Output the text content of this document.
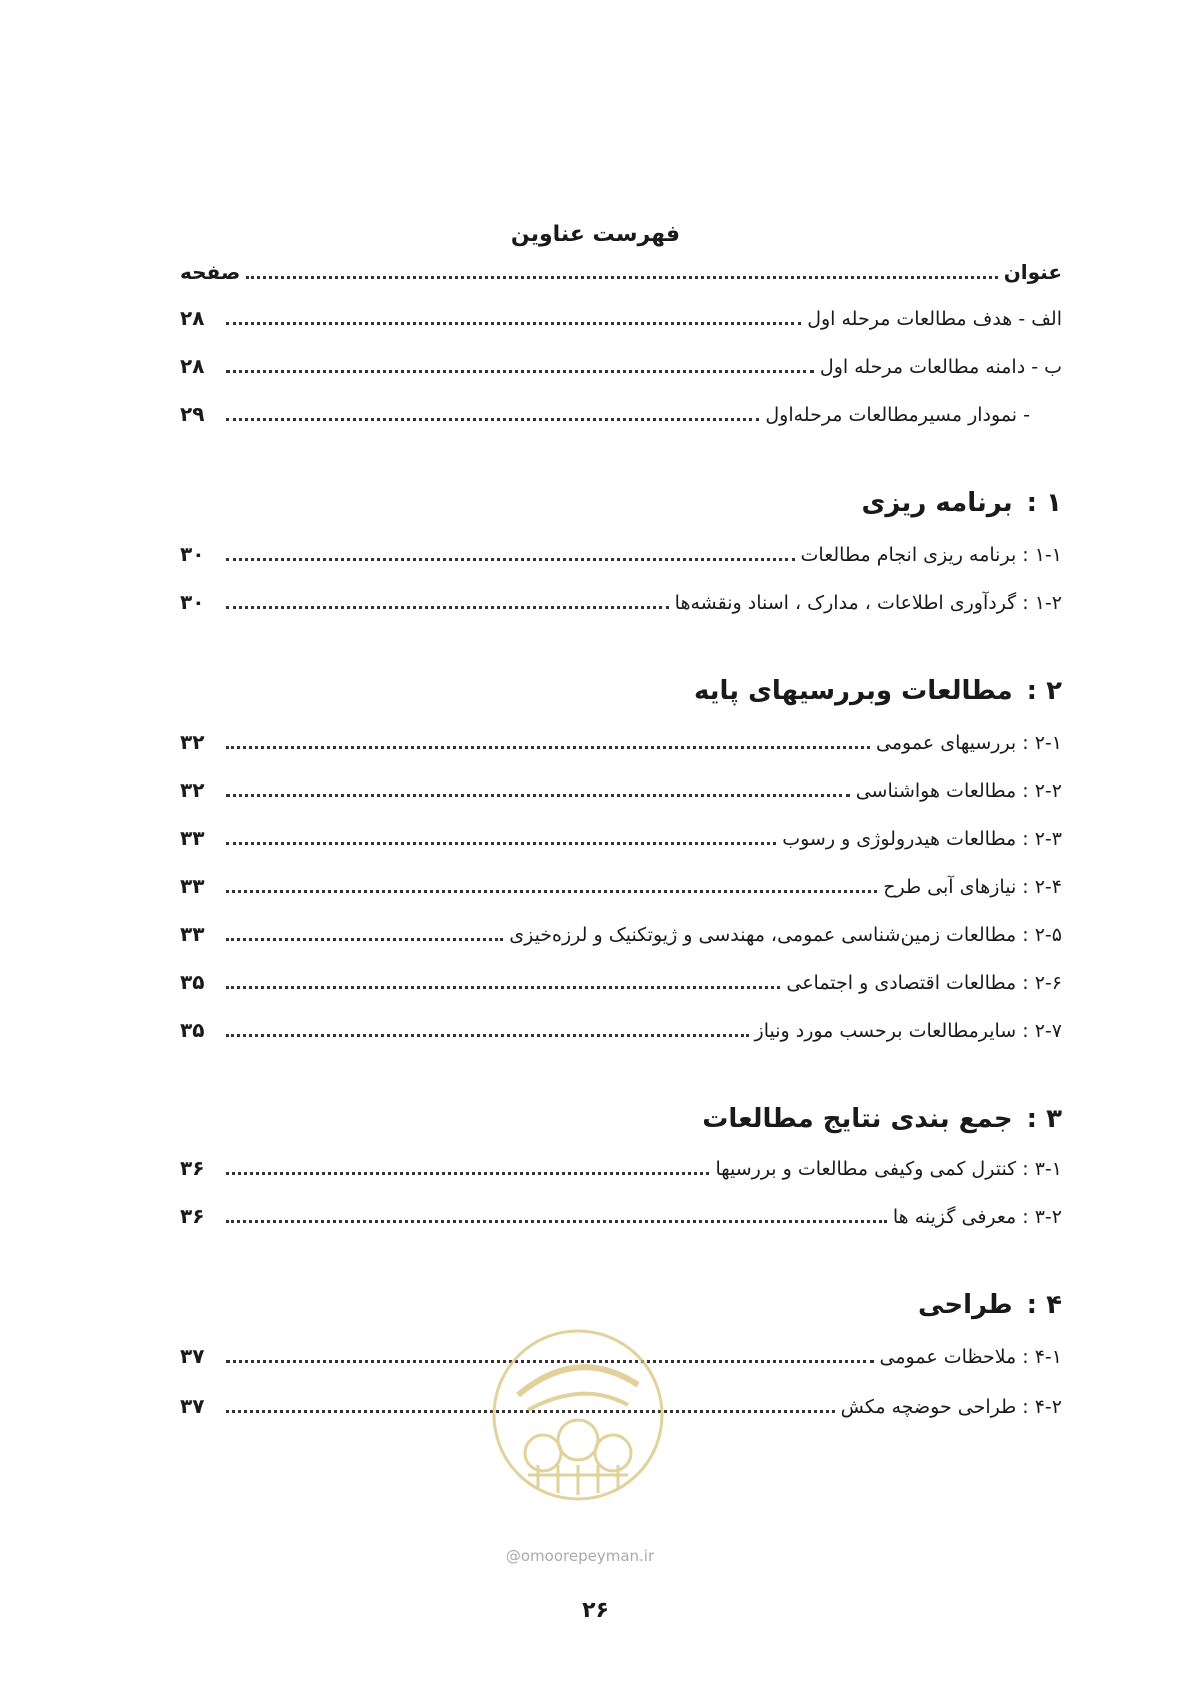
فهرست عناوین
عنوان
صفحه
الف - هدف مطالعات مرحله اول
۲۸
ب - دامنه مطالعات مرحله اول
۲۸
- نمودار مسیرمطالعات مرحله‌اول
۲۹
۱ :برنامه ریزی
۱-۱ : برنامه ریزی انجام مطالعات
۳۰
۱-۲ : گردآوری اطلاعات ، مدارک ، اسناد ونقشه‌ها
۳۰
۲ :مطالعات وبررسیهای پایه
۲-۱ : بررسیهای عمومی
۳۲
۲-۲ : مطالعات هواشناسی
۳۲
۲-۳ : مطالعات هیدرولوژی و رسوب
۳۳
۲-۴ : نیازهای آبی طرح
۳۳
۲-۵ : مطالعات زمین‌شناسی عمومی، مهندسی و ژیوتکنیک و لرزه‌خیزی
۳۳
۲-۶ : مطالعات اقتصادی و اجتماعی
۳۵
۲-۷ : سایرمطالعات برحسب مورد ونیاز
۳۵
۳ :جمع بندی نتایج مطالعات
۳-۱ : کنترل کمی وکیفی مطالعات و بررسیها
۳۶
۳-۲ : معرفی گزینه ها
۳۶
۴ :طراحی
۴-۱ : ملاحظات عمومی
۳۷
۴-۲ : طراحی حوضچه مکش
۳۷
@omoorepeyman.ir
۲۶
